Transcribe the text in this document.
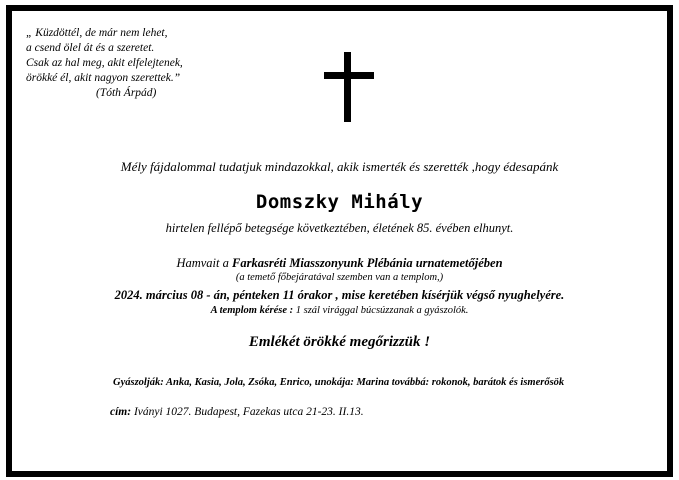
„ Küzdöttél, de már nem lehet,
a csend ölel át és a szeretet.
Csak az hal meg, akit elfelejtenek,
örökké él, akit nagyon szerettek.”
(Tóth Árpád)
Mély fájdalommal tudatjuk mindazokkal, akik ismerték és szerették ,hogy édesapánk
Domszky Mihály
hirtelen fellépő betegsége következtében, életének 85. évében elhunyt.
Hamvait a Farkasréti Miasszonyunk Plébánia urnatemetőjében
(a temető főbejáratával szemben van a templom,)
2024. március 08 - án, pénteken 11 órakor , mise keretében kísérjük végső nyughelyére.
A templom kérése : 1 szál virággal búcsúzzanak a gyászolók.
Emlékét örökké megőrizzük !
Gyászolják: Anka, Kasia, Jola, Zsóka, Enrico, unokája: Marina továbbá: rokonok, barátok és ismerősök
cím: Iványi 1027. Budapest, Fazekas utca 21-23. II.13.
